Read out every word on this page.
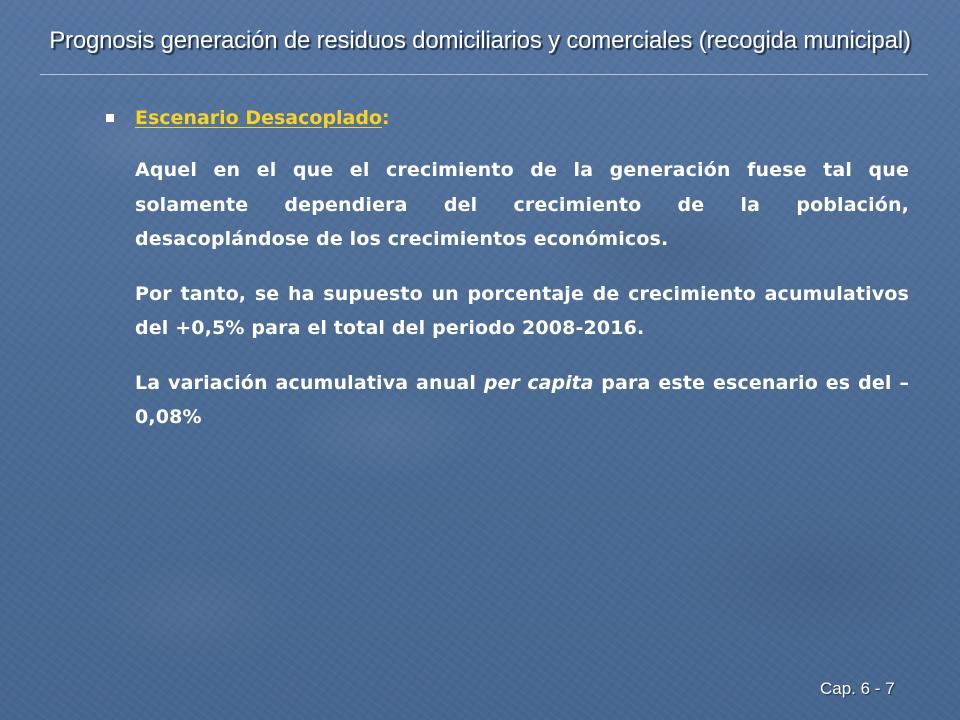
Prognosis generación de residuos domiciliarios y comerciales (recogida municipal)
Escenario Desacoplado:

Aquel en el que el crecimiento de la generación fuese tal que solamente dependiera del crecimiento de la población, desacoplándose de los crecimientos económicos.

Por tanto, se ha supuesto un porcentaje de crecimiento acumulativos del +0,5% para el total del periodo 2008-2016.

La variación acumulativa anual per capita para este escenario es del – 0,08%

Cap. 6 - 7
